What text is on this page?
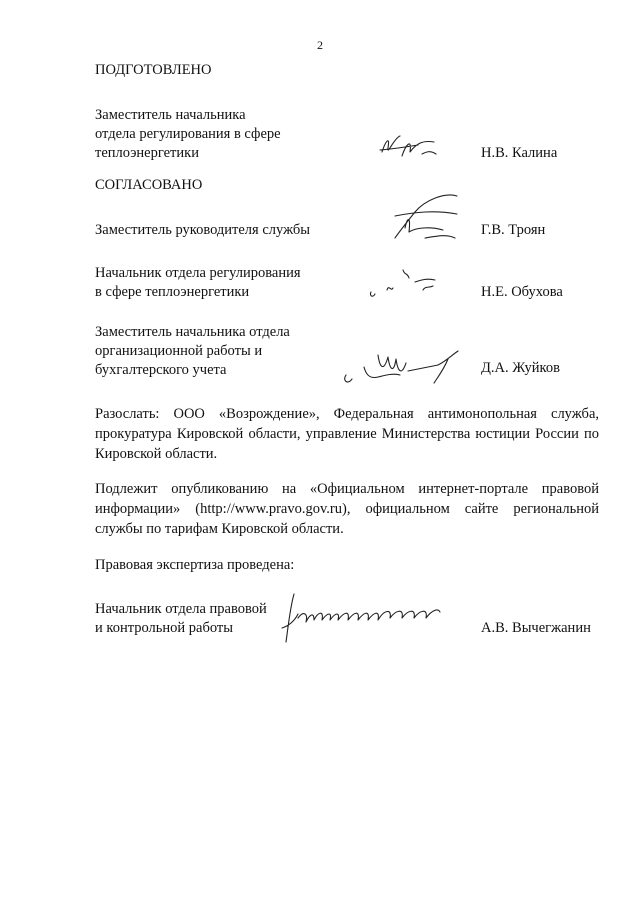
2
ПОДГОТОВЛЕНО
Заместитель начальника
отдела регулирования в сфере
теплоэнергетики	Н.В. Калина
СОГЛАСОВАНО
Заместитель руководителя службы	Г.В. Троян
Начальник отдела регулирования
в сфере теплоэнергетики	Н.Е. Обухова
Заместитель начальника отдела
организационной работы и
бухгалтерского учета	Д.А. Жуйков
Разослать: ООО «Возрождение», Федеральная антимонопольная служба, прокуратура Кировской области, управление Министерства юстиции России по Кировской области.
Подлежит опубликованию на «Официальном интернет-портале правовой информации» (http://www.pravo.gov.ru), официальном сайте региональной службы по тарифам Кировской области.
Правовая экспертиза проведена:
Начальник отдела правовой
и контрольной работы	А.В. Вычегжанин
